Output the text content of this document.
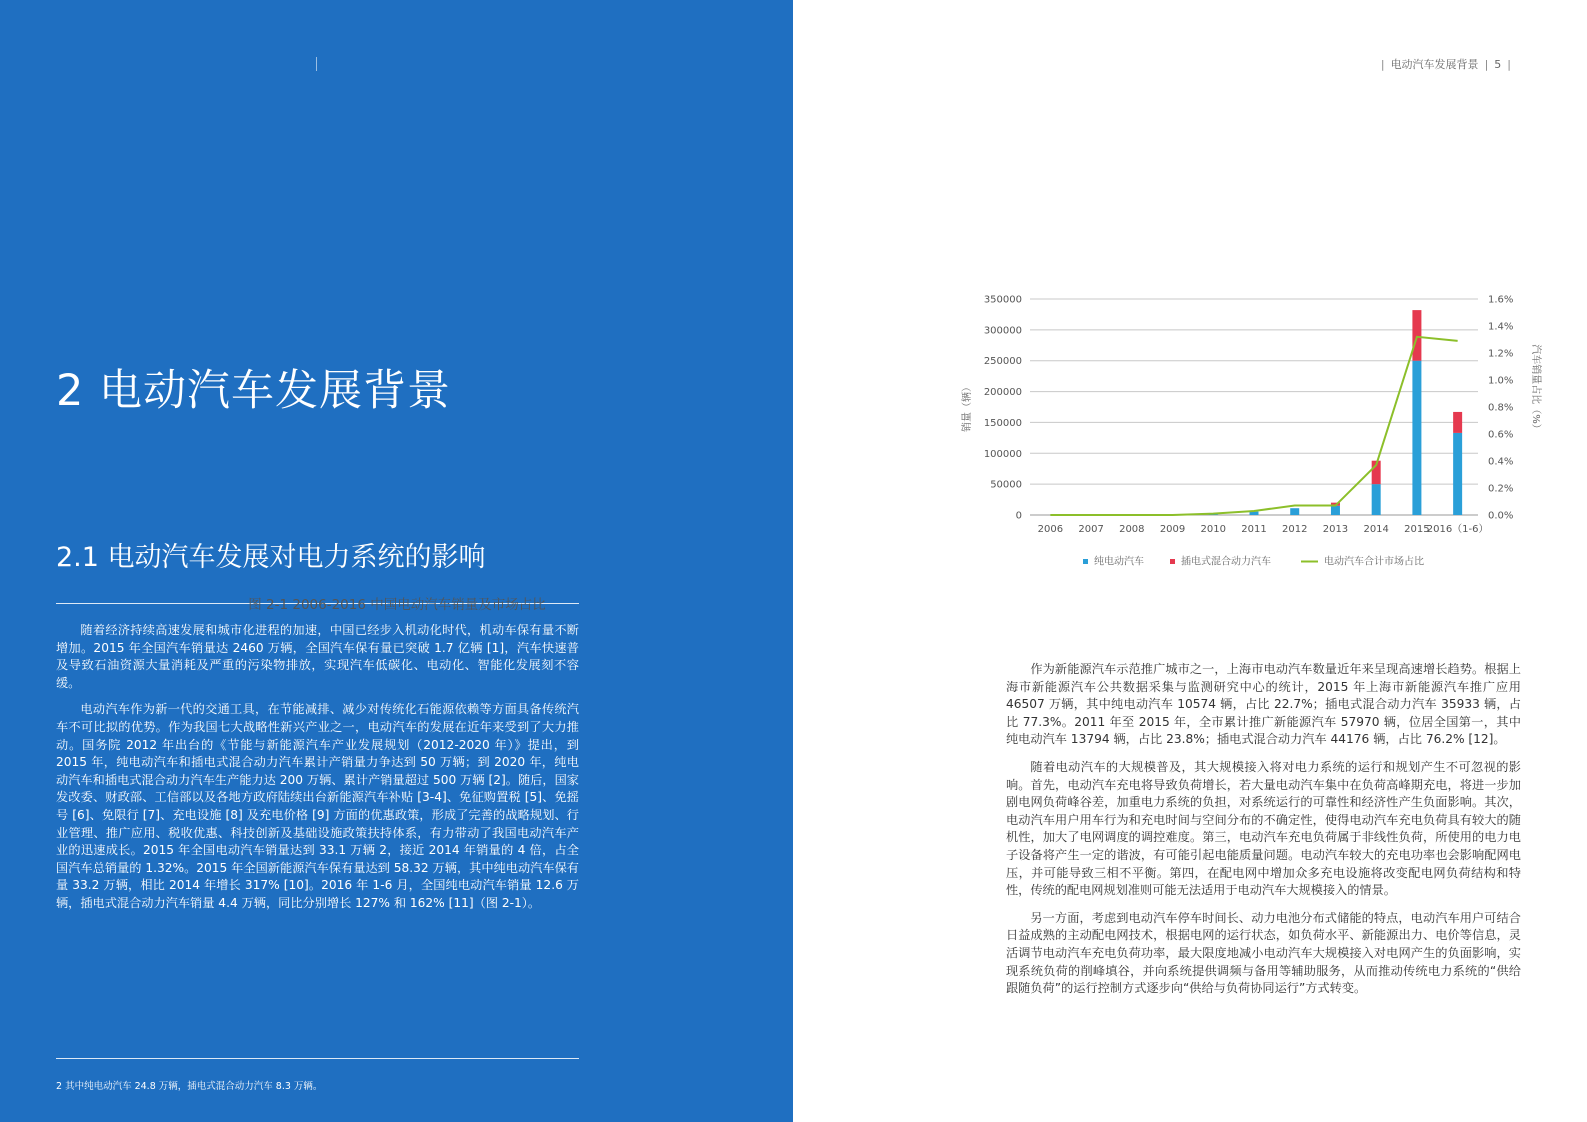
2 电动汽车发展背景
2.1 电动汽车发展对电力系统的影响

随着经济持续高速发展和城市化进程的加速，中国已经步入机动化时代，机动车保有量不断增加。2015 年全国汽车销量达 2460 万辆，全国汽车保有量已突破 1.7 亿辆 [1]，汽车快速普及导致石油资源大量消耗及严重的污染物排放，实现汽车低碳化、电动化、智能化发展刻不容缓。

电动汽车作为新一代的交通工具，在节能减排、减少对传统化石能源依赖等方面具备传统汽车不可比拟的优势。作为我国七大战略性新兴产业之一，电动汽车的发展在近年来受到了大力推动。国务院 2012 年出台的《节能与新能源汽车产业发展规划（2012-2020 年）》提出，到 2015 年，纯电动汽车和插电式混合动力汽车累计产销量力争达到 50 万辆；到 2020 年，纯电动汽车和插电式混合动力汽车生产能力达 200 万辆、累计产销量超过 500 万辆 [2]。随后，国家发改委、财政部、工信部以及各地方政府陆续出台新能源汽车补贴 [3-4]、免征购置税 [5]、免摇号 [6]、免限行 [7]、充电设施 [8] 及充电价格 [9] 方面的优惠政策，形成了完善的战略规划、行业管理、推广应用、税收优惠、科技创新及基础设施政策扶持体系，有力带动了我国电动汽车产业的迅速成长。2015 年全国电动汽车销量达到 33.1 万辆 2，接近 2014 年销量的 4 倍，占全国汽车总销量的 1.32%。2015 年全国新能源汽车保有量达到 58.32 万辆，其中纯电动汽车保有量 33.2 万辆，相比 2014 年增长 317% [10]。2016 年 1-6 月，全国纯电动汽车销量 12.6 万辆，插电式混合动力汽车销量 4.4 万辆，同比分别增长 127% 和 162% [11]（图 2-1）。

2 其中纯电动汽车 24.8 万辆，插电式混合动力汽车 8.3 万辆。
| 电动汽车发展背景 | 5 |
0
50000
100000
150000
200000
250000
300000
350000
0.0%
0.2%
0.4%
0.6%
0.8%
1.0%
1.2%
1.4%
1.6%
销量（辆）	汽车销量占比（%）
2006 2007 2008 2009 2010 2011 2012 2013 2014 2015
2016（1-6）
纯电动汽车	插电式混合动力汽车	电动汽车合计市场占比
图 2-1 2006-2016 中国电动汽车销量及市场占比

作为新能源汽车示范推广城市之一，上海市电动汽车数量近年来呈现高速增长趋势。根据上海市新能源汽车公共数据采集与监测研究中心的统计，2015 年上海市新能源汽车推广应用 46507 万辆，其中纯电动汽车 10574 辆，占比 22.7%；插电式混合动力汽车 35933 辆，占比 77.3%。2011 年至 2015 年，全市累计推广新能源汽车 57970 辆，位居全国第一，其中纯电动汽车 13794 辆，占比 23.8%；插电式混合动力汽车 44176 辆，占比 76.2% [12]。

随着电动汽车的大规模普及，其大规模接入将对电力系统的运行和规划产生不可忽视的影响。首先，电动汽车充电将导致负荷增长，若大量电动汽车集中在负荷高峰期充电，将进一步加剧电网负荷峰谷差，加重电力系统的负担，对系统运行的可靠性和经济性产生负面影响。其次，电动汽车用户用车行为和充电时间与空间分布的不确定性，使得电动汽车充电负荷具有较大的随机性，加大了电网调度的调控难度。第三，电动汽车充电负荷属于非线性负荷，所使用的电力电子设备将产生一定的谐波，有可能引起电能质量问题。电动汽车较大的充电功率也会影响配网电压，并可能导致三相不平衡。第四，在配电网中增加众多充电设施将改变配电网负荷结构和特性，传统的配电网规划准则可能无法适用于电动汽车大规模接入的情景。

另一方面，考虑到电动汽车停车时间长、动力电池分布式储能的特点，电动汽车用户可结合日益成熟的主动配电网技术，根据电网的运行状态，如负荷水平、新能源出力、电价等信息，灵活调节电动汽车充电负荷功率，最大限度地减小电动汽车大规模接入对电网产生的负面影响，实现系统负荷的削峰填谷，并向系统提供调频与备用等辅助服务，从而推动传统电力系统的“供给跟随负荷”的运行控制方式逐步向“供给与负荷协同运行”方式转变。
